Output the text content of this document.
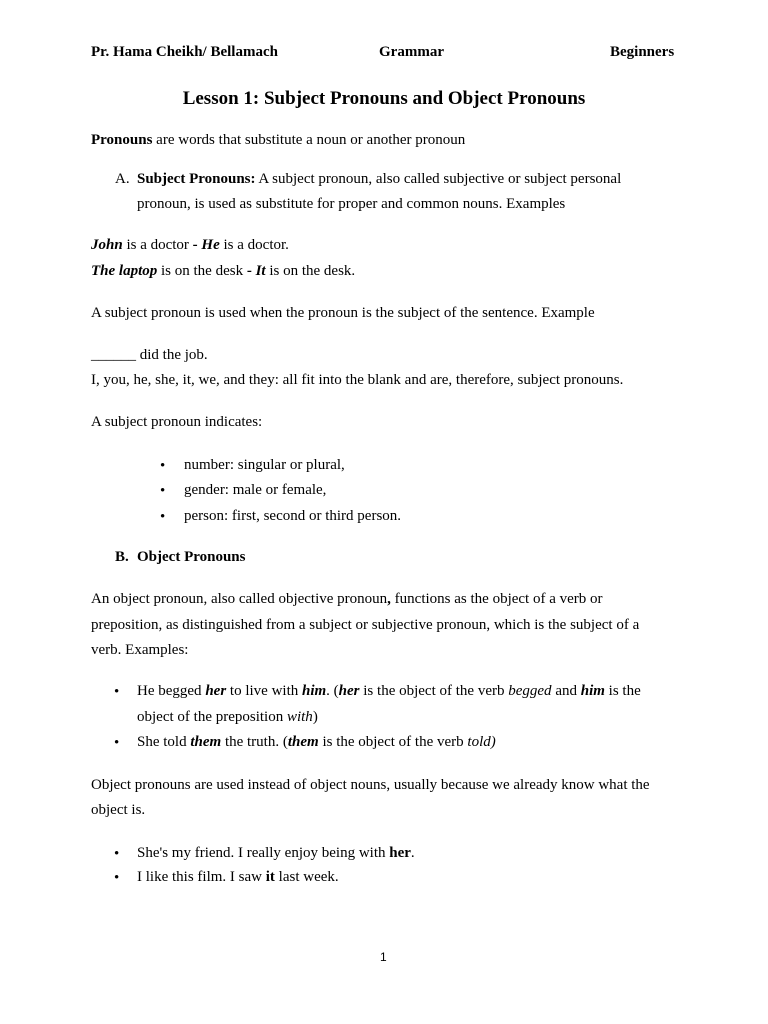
Pr. Hama Cheikh/ Bellamach	Grammar	Beginners
Lesson 1: Subject Pronouns and Object Pronouns
Pronouns are words that substitute a noun or another pronoun
A. Subject Pronouns: A subject pronoun, also called subjective or subject personal
pronoun, is used as substitute for proper and common nouns. Examples
John is a doctor - He is a doctor.
The laptop is on the desk - It is on the desk.
A subject pronoun is used when the pronoun is the subject of the sentence. Example
______ did the job.
I, you, he, she, it, we, and they: all fit into the blank and are, therefore, subject pronouns.
A subject pronoun indicates:
• number: singular or plural,
• gender: male or female,
• person: first, second or third person.
B. Object Pronouns
An object pronoun, also called objective pronoun, functions as the object of a verb or
preposition, as distinguished from a subject or subjective pronoun, which is the subject of a
verb. Examples:
• He begged her to live with him. (her is the object of the verb begged and him is the
object of the preposition with)
• She told them the truth. (them is the object of the verb told)
Object pronouns are used instead of object nouns, usually because we already know what the
object is.
• She's my friend. I really enjoy being with her.
• I like this film. I saw it last week.
1
